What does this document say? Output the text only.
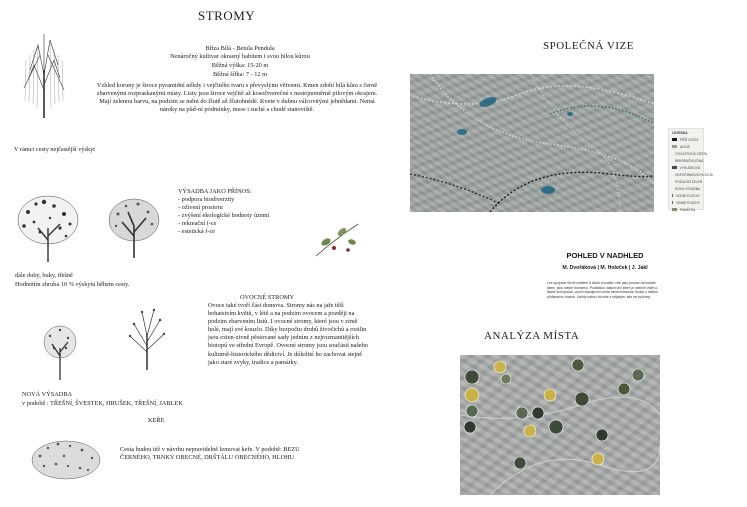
STROMY
Bříza Bílá - Betula Pendula
Nenáročný kultivar okrasný habitem i svou bílou kůrou
Běžná výška: 15-20 m
Běžná šířka: 7 - 12 m
Vzhled koruny je široce pyramidní někdy i vejčitého tvaru s převyslými větvemi. Kmen zdobí bílá kůra s černě zbarvenými rozpraskanými místy. Listy jsou široce vejčité až kosočtverečné s nestejnoměrně pilovým okrajem. Mají zelenou barvu, na podzim se mění do žlutě až žlutohnědé. Kvete v dubnu válcovitými jehnědami. Nemá nároky na půd-ní podmínky, mese i suché a chudé stanoviště.
V rámci cesty nejčastější výskyt
VÝSADBA JAKO PŘÍNOS:
- podpora biodiverzity
- oživení prostoru
- zvýšení ekologické hodnoty území
- rekreační f-ce
- estetická f-ce
dále duby, buky, třešně
Hodnotím zhruba 10 % výskytu během cesty.
OVOCNÉ STROMY
Ovoce také tvoří část domova. Stromy nás na jaře těší bohatstvím květů, v létě a na podzim ovocem a později na podzim zbarvením listů. I ovocné stromy, které jsou v zimě holé, mají své kouzlo. Díky bezpočtu druhů živočichů a rostlin jsou exten-zivně pěstované sady jedním z nejrozmanitějších biotopů ve střední Evropě. Ovocné stromy jsou součástí našeho kulturně-historického dědictví. Je důležité ho zachovat stejně jako staré zvyky, tradice a památky.
NOVÁ VÝSADBA
v podobě : TŘEŠNÍ, ŠVESTEK, HRUŠEK, TŘEŠNÍ, JABLEK
KEŘE
Cesta budou též v návrhu nepravidelně lemovat keře. V podobě: BEZU ČERNÉHO, TRNKY OBECNÉ, DRŠTÁLU OBECNÉHO, HLOHU
SPOLEČNÁ VIZE
LEGENDA
PĚŠÍ CESTA
ALEJE
CYKLISTICKÁ CESTA
REKREAČNÍ ZÓNA
VYHLÍDKOVÁ
ODPOČINKOVÁ PLOCHA
STÁVAJÍCÍ ZELEŇ
NOVÁ VÝSADBA
VODNÍ PLOCHY
VINNÉ PLOCHY
PAMÁTKA
POHLED V NADHLED
M. Dvořáková | M. Holeček | J. Jakl
Lze spojovat různé světlem a vlastí a kvalitní vize jako prostor na bohaté lidem, jsou stejné dovoleno. Podstatou našich vizí které je obecně vidět a lidské schopnosti, využít stávajícími místa mnohostrannou funkcí s dalším přidáváním hodnot. Každý nabízí vhodné s nějakým, kde se vydržely.
ANALÝZA MÍSTA
